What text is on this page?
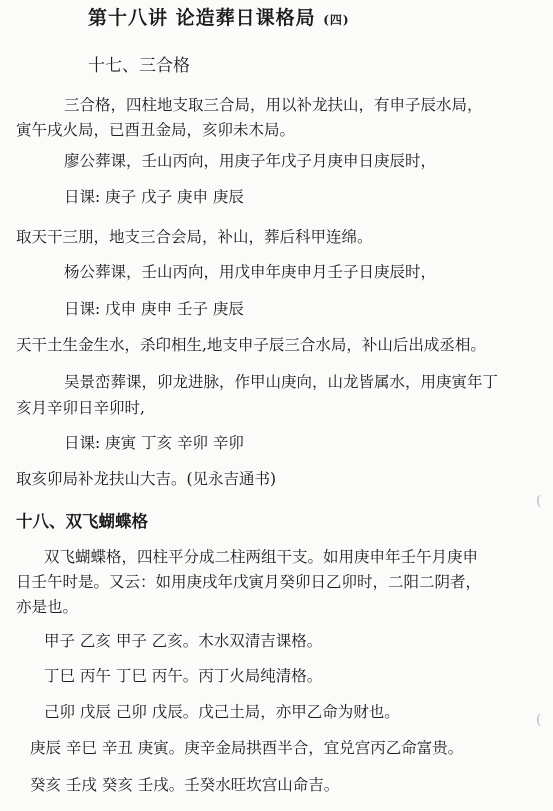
第十八讲 论造葬日课格局 (四)
十七、三合格
三合格，四柱地支取三合局，用以补龙扶山，有申子辰水局，
寅午戌火局，已酉丑金局，亥卯未木局。
廖公葬课，壬山丙向，用庚子年戊子月庚申日庚辰时，
日课: 庚子 戊子 庚申 庚辰
取天干三朋，地支三合会局，补山，葬后科甲连绵。
杨公葬课，壬山丙向，用戊申年庚申月壬子日庚辰时，
日课: 戊申 庚申 壬子 庚辰
天干土生金生水，杀印相生,地支申子辰三合水局，补山后出成丞相。
吴景峦葬课，卯龙进脉，作甲山庚向，山龙皆属水，用庚寅年丁
亥月辛卯日辛卯时,
日课: 庚寅 丁亥 辛卯 辛卯
取亥卯局补龙扶山大吉。(见永吉通书)
十八、双飞蝴蝶格
双飞蝴蝶格，四柱平分成二柱两组干支。如用庚申年壬午月庚申
日壬午时是。又云：如用庚戌年戊寅月癸卯日乙卯时，二阳二阴者，
亦是也。
甲子 乙亥 甲子 乙亥。木水双清吉课格。
丁巳 丙午 丁巳 丙午。丙丁火局纯清格。
己卯 戊辰 己卯 戊辰。戊己土局，亦甲乙命为财也。
庚辰 辛巳 辛丑 庚寅。庚辛金局拱酉半合，宜兑宫丙乙命富贵。
癸亥 壬戌 癸亥 壬戌。壬癸水旺坎宫山命吉。
(
(
